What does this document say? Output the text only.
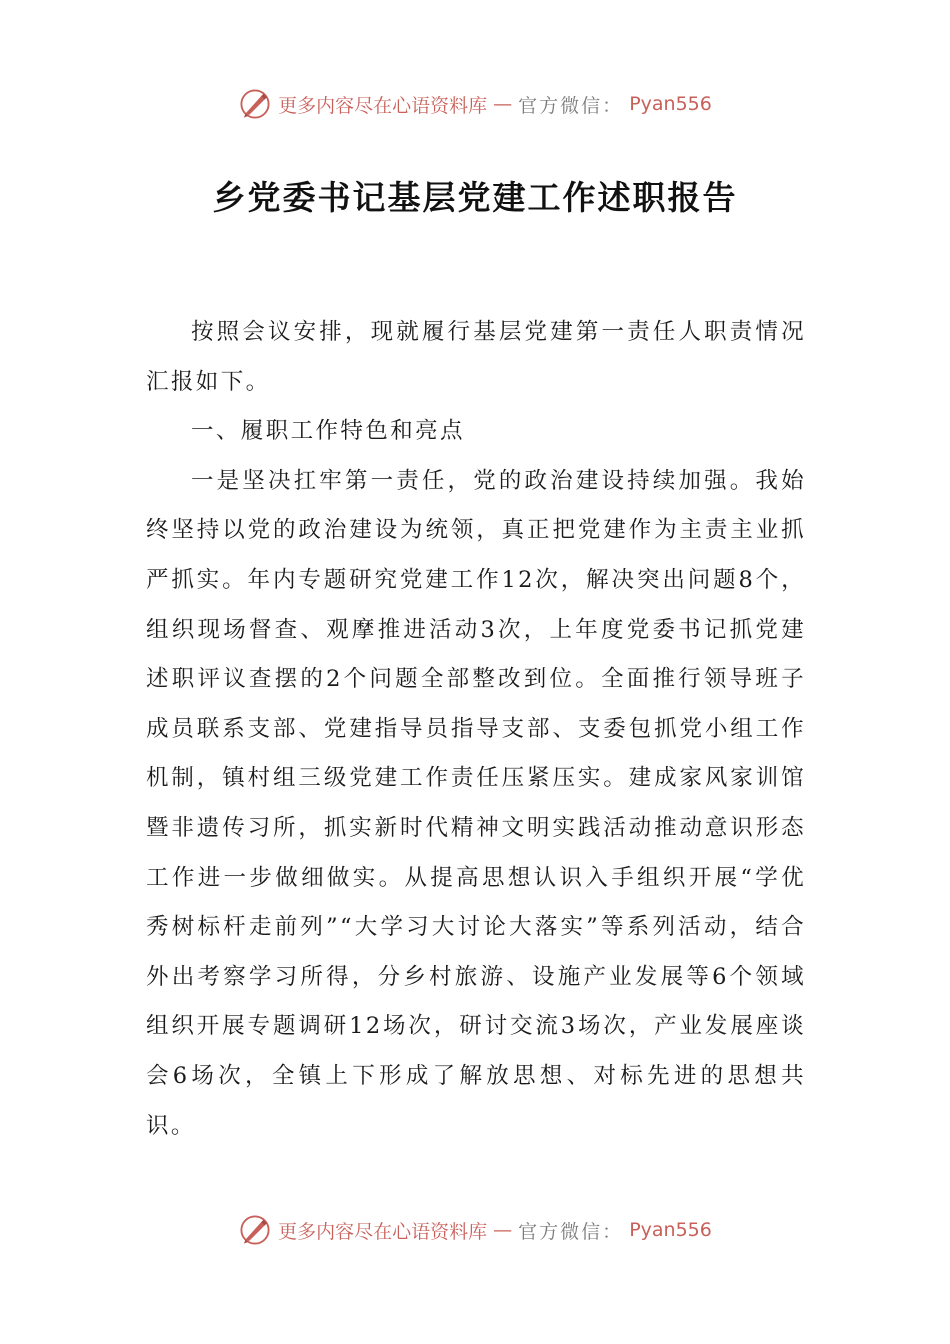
更多内容尽在心语资料库 — 官方微信： Pyan556
乡党委书记基层党建工作述职报告

按照会议安排，现就履行基层党建第一责任人职责情况汇报如下。

一、履职工作特色和亮点

一是坚决扛牢第一责任，党的政治建设持续加强。我始终坚持以党的政治建设为统领，真正把党建作为主责主业抓严抓实。年内专题研究党建工作12次，解决突出问题8个，组织现场督查、观摩推进活动3次，上年度党委书记抓党建述职评议查摆的2个问题全部整改到位。全面推行领导班子成员联系支部、党建指导员指导支部、支委包抓党小组工作机制，镇村组三级党建工作责任压紧压实。建成家风家训馆暨非遗传习所，抓实新时代精神文明实践活动推动意识形态工作进一步做细做实。从提高思想认识入手组织开展“学优秀树标杆走前列”“大学习大讨论大落实”等系列活动，结合外出考察学习所得，分乡村旅游、设施产业发展等6个领域组织开展专题调研12场次，研讨交流3场次，产业发展座谈会6场次，全镇上下形成了解放思想、对标先进的思想共识。

更多内容尽在心语资料库 — 官方微信： Pyan556
